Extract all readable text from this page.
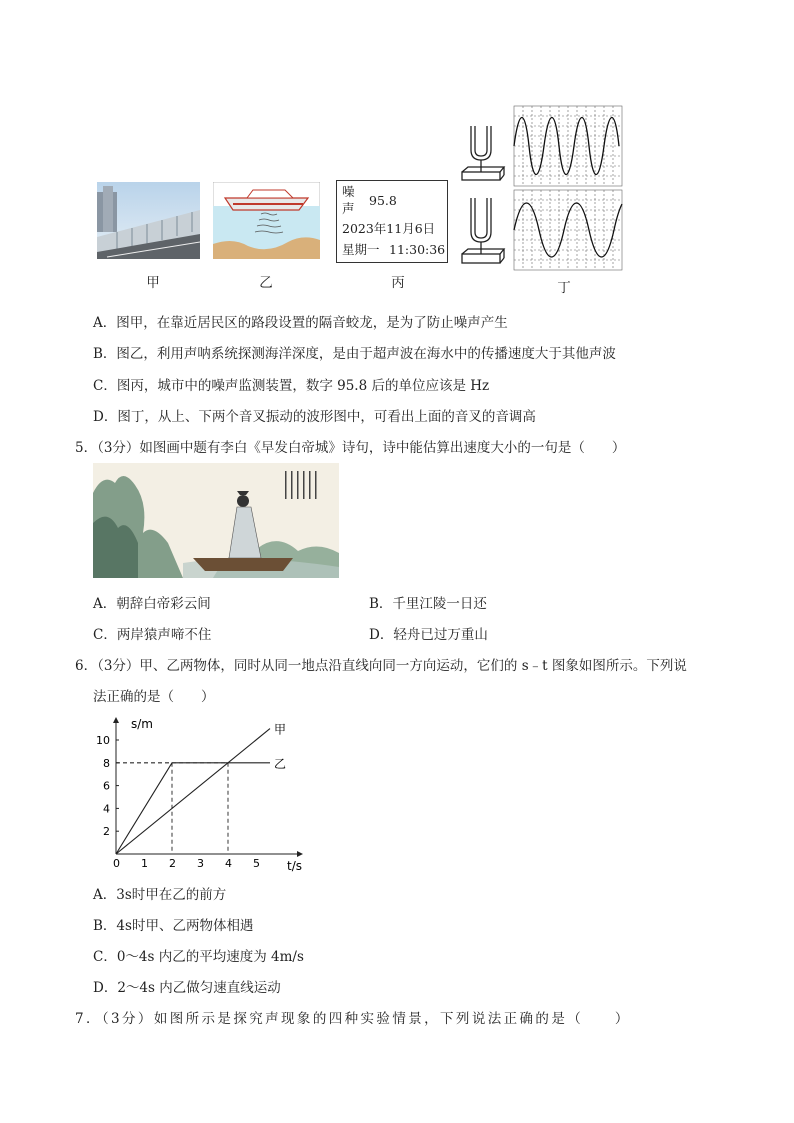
甲	乙
噪
声
95.8
2023年11月6日
星期一 11:30:36
丙	丁
A．图甲，在靠近居民区的路段设置的隔音蛟龙，是为了防止噪声产生
B．图乙，利用声呐系统探测海洋深度，是由于超声波在海水中的传播速度大于其他声波
C．图丙，城市中的噪声监测装置，数字 95.8 后的单位应该是 Hz
D．图丁，从上、下两个音叉振动的波形图中，可看出上面的音叉的音调高
5．（3分）如图画中题有李白《早发白帝城》诗句，诗中能估算出速度大小的一句是（　　）
A．朝辞白帝彩云间	B．千里江陵一日还
C．两岸猿声啼不住	D．轻舟已过万重山
6．（3分）甲、乙两物体，同时从同一地点沿直线向同一方向运动，它们的 s﹣t 图象如图所示。下列说
法正确的是（　　）
s/m
t/s
0 1 2 3 4 5
2
4
6
8
10
甲
乙
A．3s时甲在乙的前方
B．4s时甲、乙两物体相遇
C．0～4s 内乙的平均速度为 4m/s
D．2～4s 内乙做匀速直线运动
7．（3分）如图所示是探究声现象的四种实验情景，下列说法正确的是（　　）
